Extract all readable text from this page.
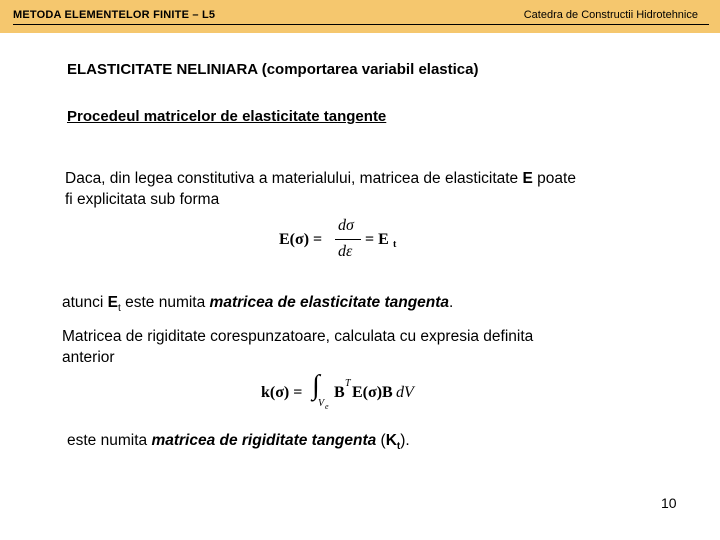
METODA ELEMENTELOR FINITE – L5	Catedra de Constructii Hidrotehnice
ELASTICITATE NELINIARA (comportarea variabil elastica)
Procedeul matricelor de elasticitate tangente
Daca, din legea constitutiva a materialului, matricea de elasticitate E poate
fi explicitata sub forma
E(σ) =
dσ
dε
= E t
atunci $E_t$ este numita matricea de elasticitate tangenta.
Matricea de rigiditate corespunzatoare, calculata cu expresia definita
anterior
k(σ) = ∫
V e
B
T
E(σ)B dV
este numita matricea de rigiditate tangenta $(K_t)$.
10
